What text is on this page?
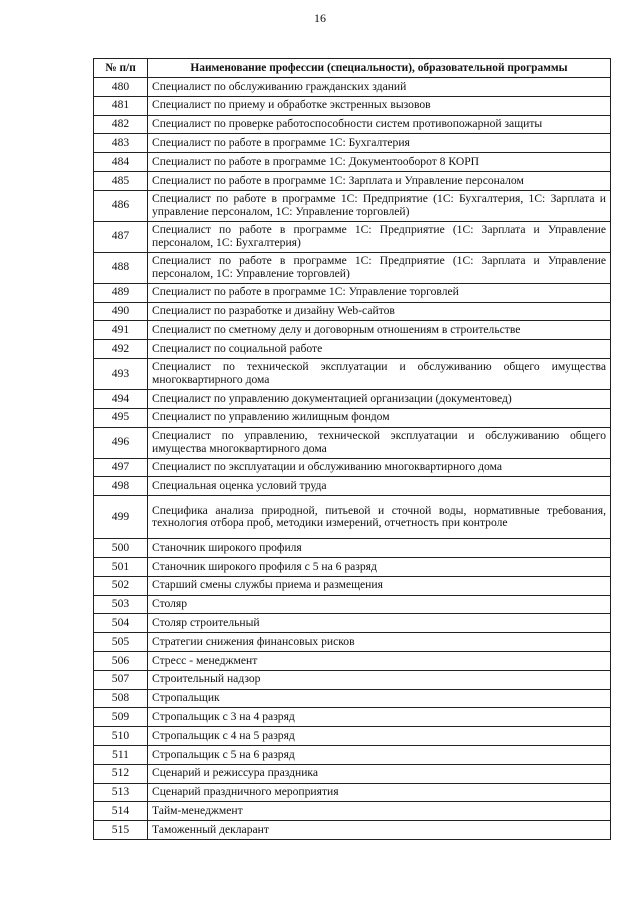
16
№ п/п	Наименование профессии (специальности), образовательной программы
480	Специалист по обслуживанию гражданских зданий
481	Специалист по приему и обработке экстренных вызовов
482	Специалист по проверке работоспособности систем противопожарной защиты
483	Специалист по работе в программе 1С: Бухгалтерия
484	Специалист по работе в программе 1С: Документооборот 8 КОРП
485	Специалист по работе в программе 1С: Зарплата и Управление персоналом
486	Специалист по работе в программе 1С: Предприятие (1С: Бухгалтерия, 1С: Зарплата и управление персоналом, 1С: Управление торговлей)
487	Специалист по работе в программе 1С: Предприятие (1С: Зарплата и Управление персоналом, 1С: Бухгалтерия)
488	Специалист по работе в программе 1С: Предприятие (1С: Зарплата и Управление персоналом, 1С: Управление торговлей)
489	Специалист по работе в программе 1С: Управление торговлей
490	Специалист по разработке и дизайну Web-сайтов
491	Специалист по сметному делу и договорным отношениям в строительстве
492	Специалист по социальной работе
493	Специалист по технической эксплуатации и обслуживанию общего имущества многоквартирного дома
494	Специалист по управлению документацией организации (документовед)
495	Специалист по управлению жилищным фондом
496	Специалист по управлению, технической эксплуатации и обслуживанию общего имущества многоквартирного дома
497	Специалист по эксплуатации и обслуживанию многоквартирного дома
498	Специальная оценка условий труда
499	Специфика анализа природной, питьевой и сточной воды, нормативные требования, технология отбора проб, методики измерений, отчетность при контроле
500	Станочник широкого профиля
501	Станочник широкого профиля с 5 на 6 разряд
502	Старший смены службы приема и размещения
503	Столяр
504	Столяр строительный
505	Стратегии снижения финансовых рисков
506	Стресс - менеджмент
507	Строительный надзор
508	Стропальщик
509	Стропальщик с 3 на 4 разряд
510	Стропальщик с 4 на 5 разряд
511	Стропальщик с 5 на 6 разряд
512	Сценарий и режиссура праздника
513	Сценарий праздничного мероприятия
514	Тайм-менеджмент
515	Таможенный декларант
